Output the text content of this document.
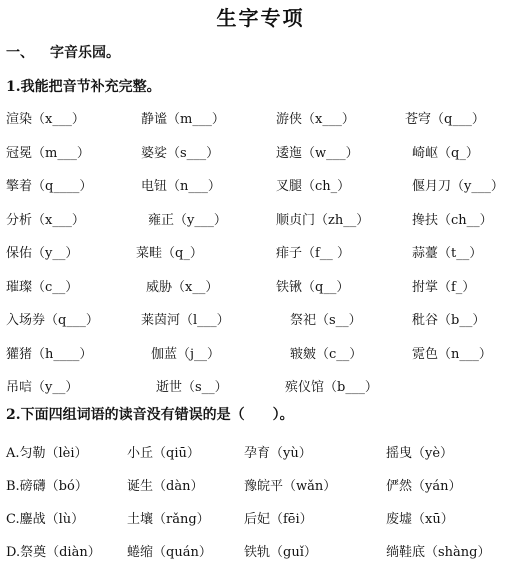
生字专项
一、 字音乐园。
1.我能把音节补充完整。
渲染（x___）	静谧（m___）	游侠（x___）	苍穹（q___）
冠冕（m___）	婆娑（s___）	逶迤（w___）	崎岖（q_）
擎着（q____）	电钮（n___）	叉腿（ch_）	偃月刀（y___）
分析（x___）	雍正（y___）	顺贞门（zh__）	搀扶（ch__）
保佑（y__）	菜畦（q_）	痱子（f__ ）	蒜薹（t__）
璀璨（c__）	威胁（x__）	铁锹（q__）	拊掌（f_）
入场券（q___）	莱茵河（l___）	祭祀（s__）	秕谷（b__）
獾猪（h____）	伽蓝（j__）	皲皴（c__）	霓色（n___）
吊唁（y__）	逝世（s__）	殡仪馆（b___）
2.下面四组词语的读音没有错误的是（　　）。
A.匀勒（lèi）	小丘（qiū）	孕育（yù）	摇曳（yè）
B.磅礴（bó）	诞生（dàn）	豫皖平（wǎn）	俨然（yán）
C.鏖战（lù）	土壤（rǎng）	后妃（fēi）	废墟（xū）
D.祭奠（diàn） 蜷缩（quán） 铁轨（guǐ）	绱鞋底（shàng）
